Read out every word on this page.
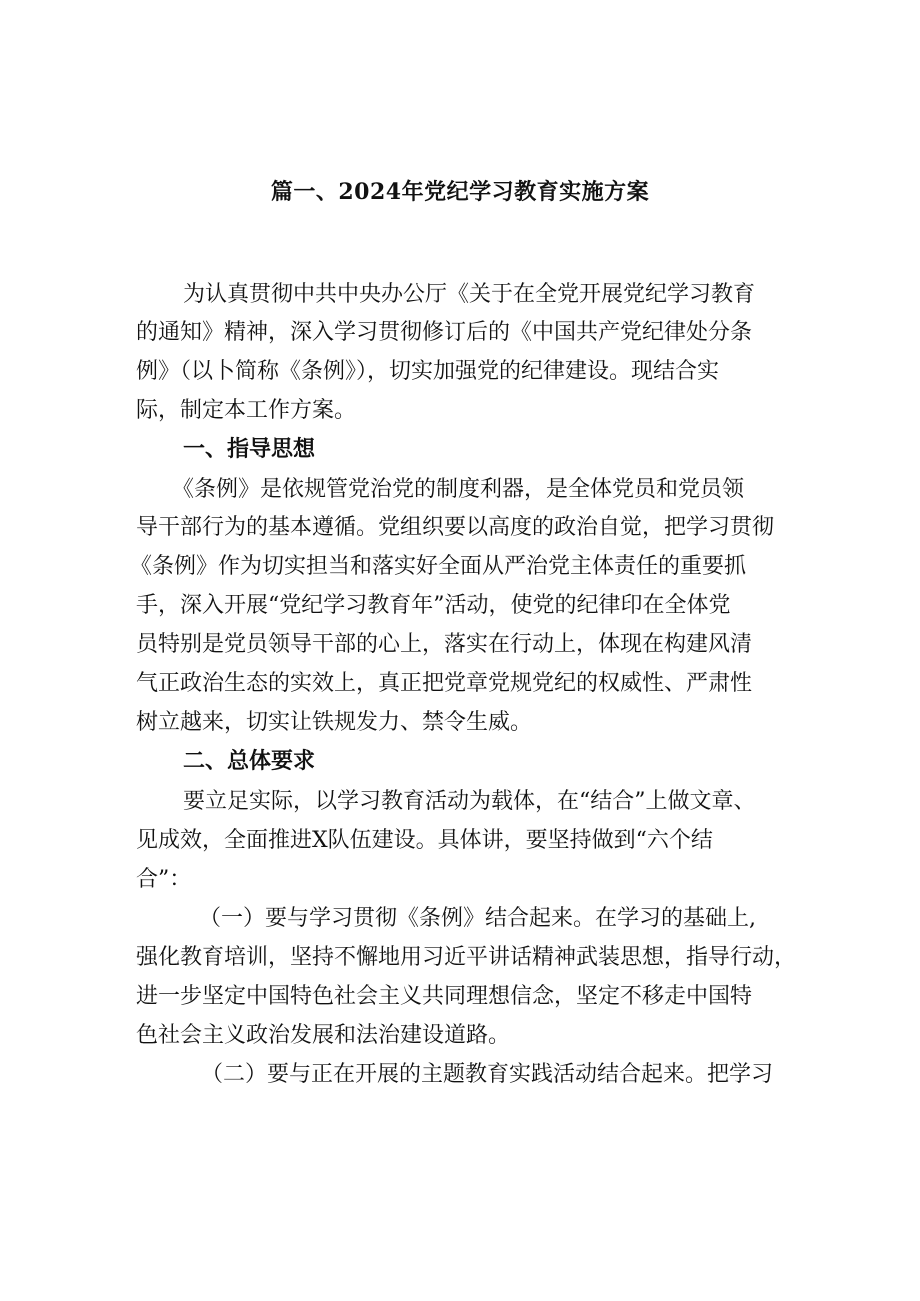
篇一、2024年党纪学习教育实施方案
为认真贯彻中共中央办公厅《关于在全党开展党纪学习教育
的通知》精神，深入学习贯彻修订后的《中国共产党纪律处分条
例》（以卜简称《条例》），切实加强党的纪律建设。现结合实
际，制定本工作方案。
一、指导思想
《条例》是依规管党治党的制度利器，是全体党员和党员领
导干部行为的基本遵循。党组织要以高度的政治自觉，把学习贯彻
《条例》作为切实担当和落实好全面从严治党主体责任的重要抓
手，深入开展“党纪学习教育年”活动，使党的纪律印在全体党
员特别是党员领导干部的心上，落实在行动上，体现在构建风清
气正政治生态的实效上，真正把党章党规党纪的权威性、严肃性
树立越来，切实让铁规发力、禁令生威。
二、总体要求
要立足实际，以学习教育活动为载体，在“结合”上做文章、
见成效，全面推进X队伍建设。具体讲，要坚持做到“六个结
合”：
（一）要与学习贯彻《条例》结合起来。在学习的基础上,
强化教育培训，坚持不懈地用习近平讲话精神武装思想，指导行动，
进一步坚定中国特色社会主义共同理想信念，坚定不移走中国特
色社会主义政治发展和法治建设道路。
（二）要与正在开展的主题教育实践活动结合起来。把学习
